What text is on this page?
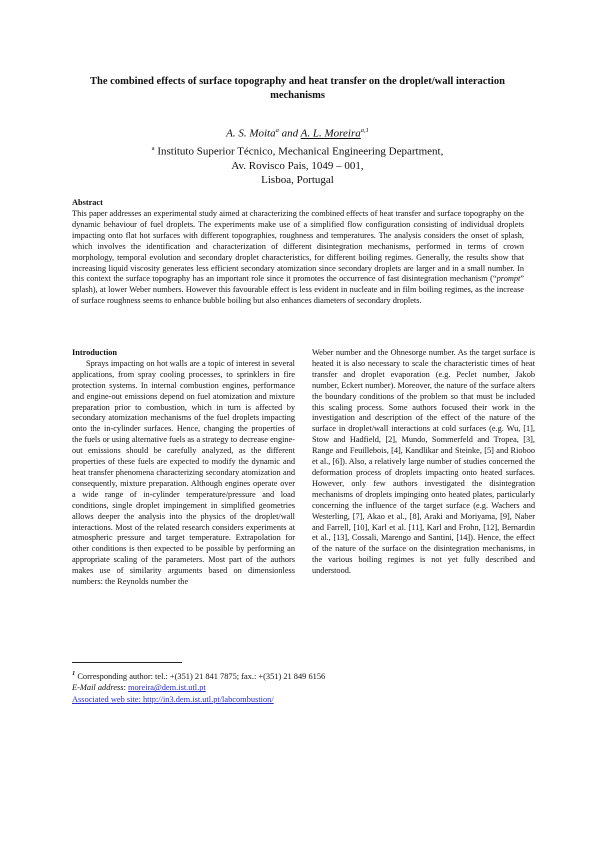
The combined effects of surface topography and heat transfer on the droplet/wall interaction mechanisms
A. S. Moita$^a$ and A. L. Moreira$^{a,1}$
$^a$ Instituto Superior Técnico, Mechanical Engineering Department,
Av. Rovisco Pais, 1049 – 001,
Lisboa, Portugal
Abstract
This paper addresses an experimental study aimed at characterizing the combined effects of heat transfer and surface topography on the dynamic behaviour of fuel droplets. The experiments make use of a simplified flow configuration consisting of individual droplets impacting onto flat hot surfaces with different topographies, roughness and temperatures. The analysis considers the onset of splash, which involves the identification and characterization of different disintegration mechanisms, performed in terms of crown morphology, temporal evolution and secondary droplet characteristics, for different boiling regimes. Generally, the results show that increasing liquid viscosity generates less efficient secondary atomization since secondary droplets are larger and in a small number. In this context the surface topography has an important role since it promotes the occurrence of fast disintegration mechanism (“prompt” splash), at lower Weber numbers. However this favourable effect is less evident in nucleate and in film boiling regimes, as the increase of surface roughness seems to enhance bubble boiling but also enhances diameters of secondary droplets.
Introduction

Sprays impacting on hot walls are a topic of interest in several applications, from spray cooling processes, to sprinklers in fire protection systems. In internal combustion engines, performance and engine-out emissions depend on fuel atomization and mixture preparation prior to combustion, which in turn is affected by secondary atomization mechanisms of the fuel droplets impacting onto the in-cylinder surfaces. Hence, changing the properties of the fuels or using alternative fuels as a strategy to decrease engine-out emissions should be carefully analyzed, as the different properties of these fuels are expected to modify the dynamic and heat transfer phenomena characterizing secondary atomization and consequently, mixture preparation. Although engines operate over a wide range of in-cylinder temperature/pressure and load conditions, single droplet impingement in simplified geometries allows deeper the analysis into the physics of the droplet/wall interactions. Most of the related research considers experiments at atmospheric pressure and target temperature. Extrapolation for other conditions is then expected to be possible by performing an appropriate scaling of the parameters. Most part of the authors makes use of similarity arguments based on dimensionless numbers: the Reynolds number the

Weber number and the Ohnesorge number. As the target surface is heated it is also necessary to scale the characteristic times of heat transfer and droplet evaporation (e.g. Peclet number, Jakob number, Eckert number). Moreover, the nature of the surface alters the boundary conditions of the problem so that must be included this scaling process. Some authors focused their work in the investigation and description of the effect of the nature of the surface in droplet/wall interactions at cold surfaces (e.g. Wu, [1], Stow and Hadfield, [2], Mundo, Sommerfeld and Tropea, [3], Range and Feuillebois, [4], Kandlikar and Steinke, [5] and Rioboo et al., [6]). Also, a relatively large number of studies concerned the deformation process of droplets impacting onto heated surfaces. However, only few authors investigated the disintegration mechanisms of droplets impinging onto heated plates, particularly concerning the influence of the target surface (e.g. Wachers and Westerling, [7], Akao et al., [8], Araki and Moriyama, [9], Naber and Farrell, [10], Karl et al. [11], Karl and Frohn, [12], Bernardin et al., [13], Cossali, Marengo and Santini, [14]). Hence, the effect of the nature of the surface on the disintegration mechanisms, in the various boiling regimes is not yet fully described and understood.

$^1$ Corresponding author: tel.: +(351) 21 841 7875; fax.: +(351) 21 849 6156
E-Mail address: moreira@dem.ist.utl.pt
Associated web site: http://in3.dem.ist.utl.pt/labcombustion/
